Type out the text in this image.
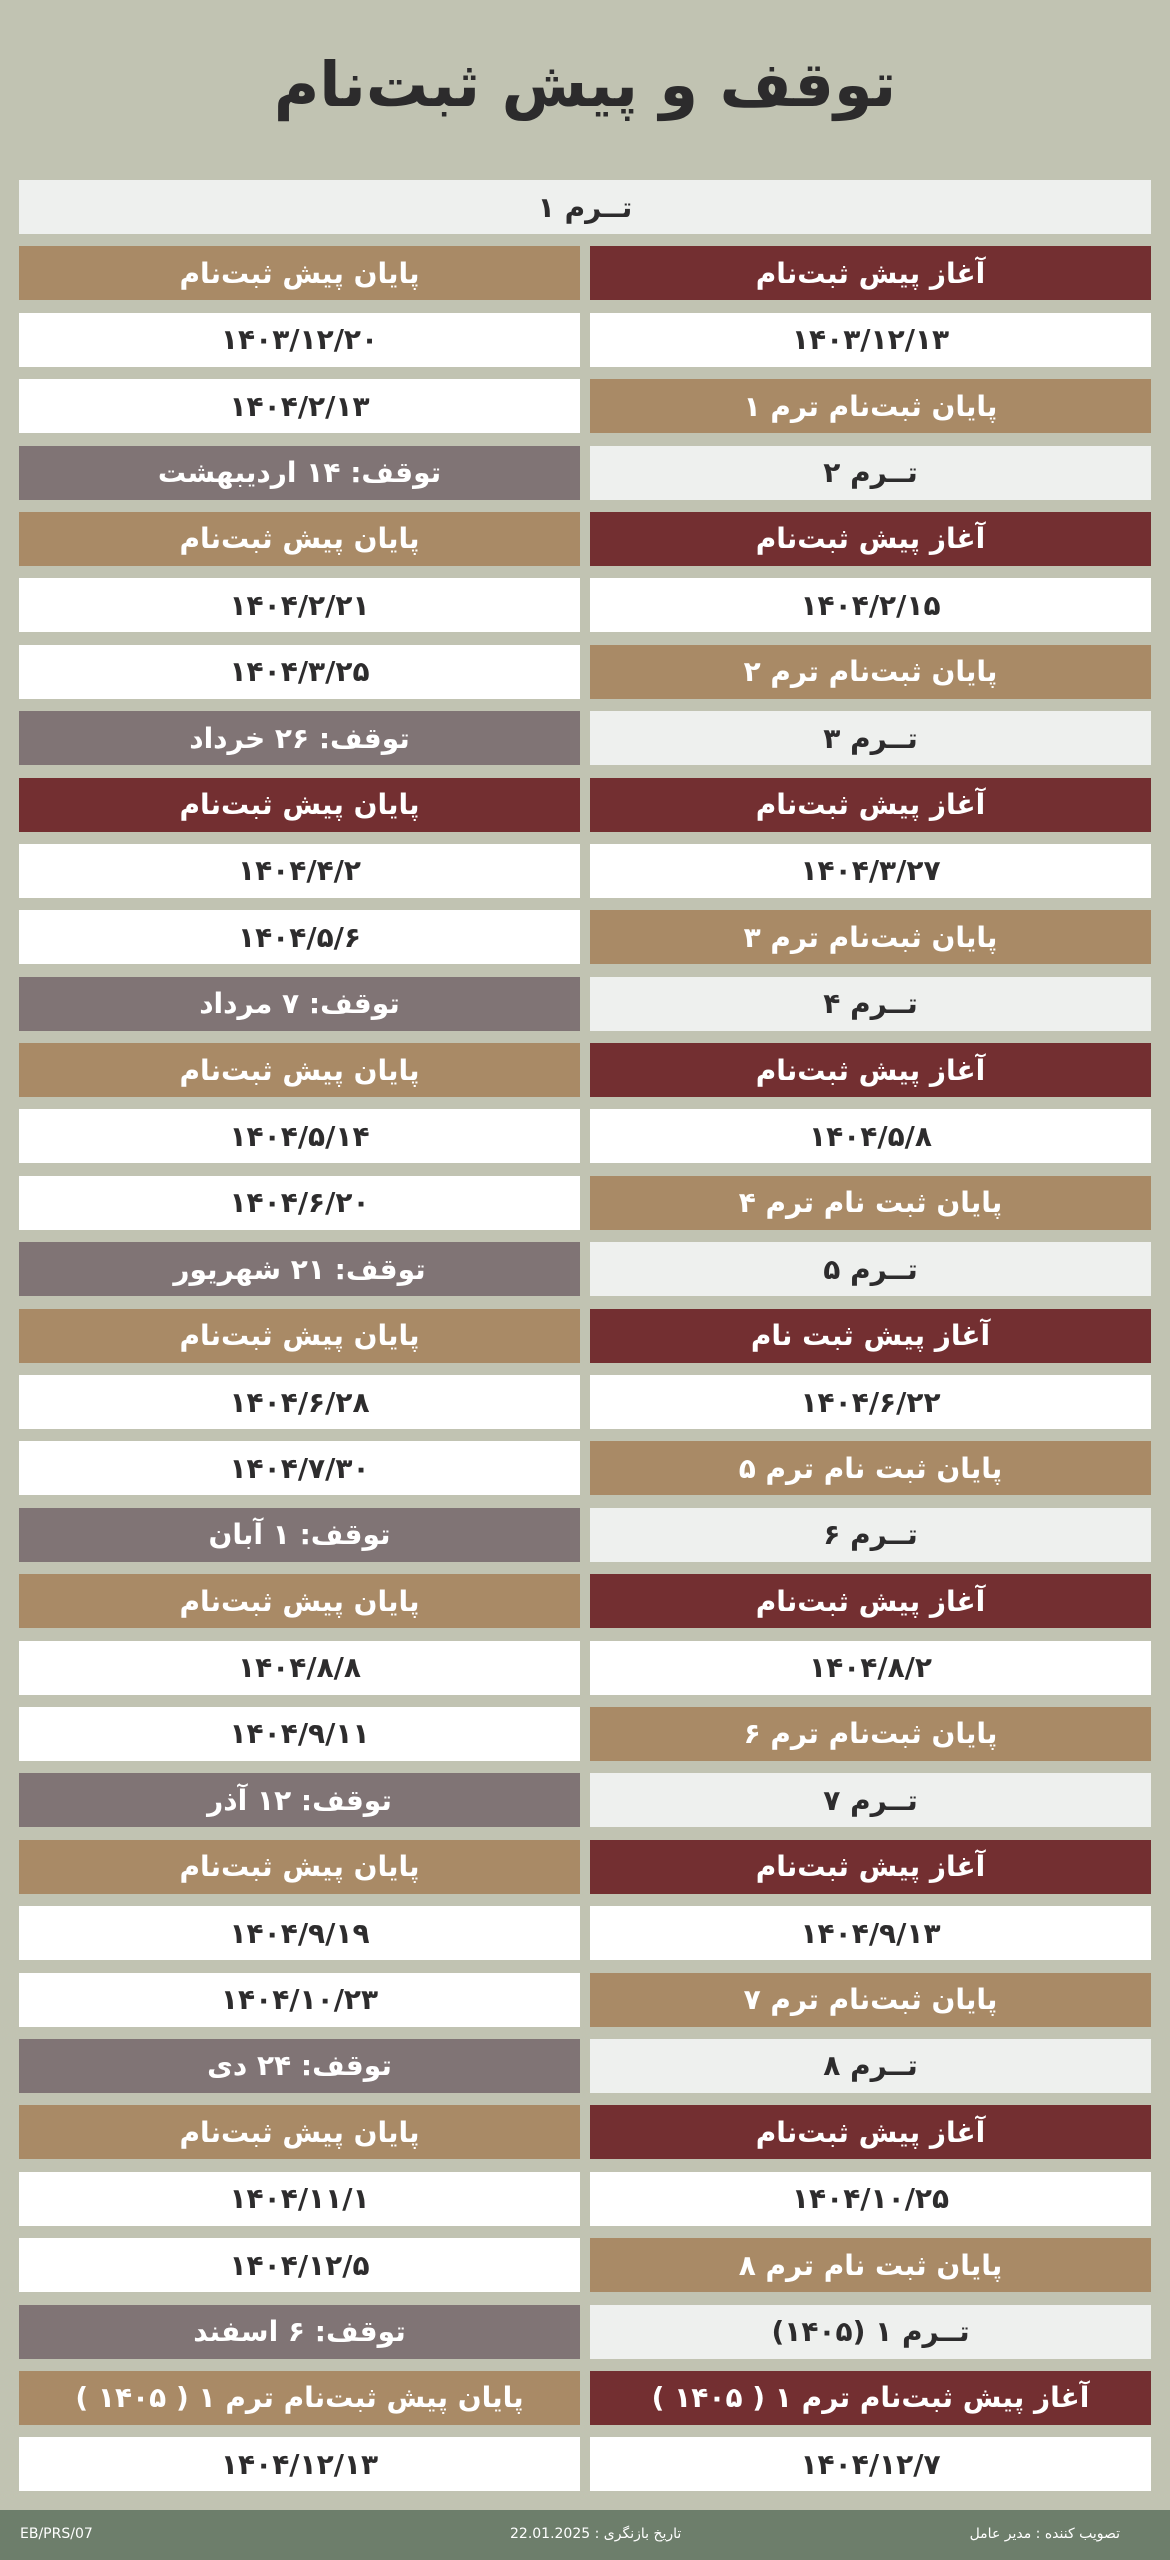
توقف و پیش ثبت‌نام
تــرم ۱
پایان پیش ثبت‌نام	آغاز پیش ثبت‌نام
۱۴۰۳/۱۲/۲۰	۱۴۰۳/۱۲/۱۳
۱۴۰۴/۲/۱۳	پایان ثبت‌نام ترم ۱
توقف: ۱۴ اردیبهشت	تــرم ۲
پایان پیش ثبت‌نام	آغاز پیش ثبت‌نام
۱۴۰۴/۲/۲۱	۱۴۰۴/۲/۱۵
۱۴۰۴/۳/۲۵	پایان ثبت‌نام ترم ۲
توقف: ۲۶ خرداد	تــرم ۳
پایان پیش ثبت‌نام	آغاز پیش ثبت‌نام
۱۴۰۴/۴/۲	۱۴۰۴/۳/۲۷
۱۴۰۴/۵/۶	پایان ثبت‌نام ترم ۳
توقف: ۷ مرداد	تــرم ۴
پایان پیش ثبت‌نام	آغاز پیش ثبت‌نام
۱۴۰۴/۵/۱۴	۱۴۰۴/۵/۸
۱۴۰۴/۶/۲۰	پایان ثبت نام ترم ۴
توقف: ۲۱ شهریور	تــرم ۵
پایان پیش ثبت‌نام	آغاز پیش ثبت نام
۱۴۰۴/۶/۲۸	۱۴۰۴/۶/۲۲
۱۴۰۴/۷/۳۰	پایان ثبت نام ترم ۵
توقف: ۱ آبان	تــرم ۶
پایان پیش ثبت‌نام	آغاز پیش ثبت‌نام
۱۴۰۴/۸/۸	۱۴۰۴/۸/۲
۱۴۰۴/۹/۱۱	پایان ثبت‌نام ترم ۶
توقف: ۱۲ آذر	تــرم ۷
پایان پیش ثبت‌نام	آغاز پیش ثبت‌نام
۱۴۰۴/۹/۱۹	۱۴۰۴/۹/۱۳
۱۴۰۴/۱۰/۲۳	پایان ثبت‌نام ترم ۷
توقف: ۲۴ دی	تــرم ۸
پایان پیش ثبت‌نام	آغاز پیش ثبت‌نام
۱۴۰۴/۱۱/۱	۱۴۰۴/۱۰/۲۵
۱۴۰۴/۱۲/۵	پایان ثبت نام ترم ۸
توقف: ۶ اسفند	تــرم ۱ (۱۴۰۵)
پایان پیش ثبت‌نام ترم ۱ ( ۱۴۰۵ )	آغاز پیش ثبت‌نام ترم ۱ ( ۱۴۰۵ )
۱۴۰۴/۱۲/۱۳	۱۴۰۴/۱۲/۷
EB/PRS/07	تاریخ بازنگری : 22.01.2025	تصویب کننده : مدیر عامل
